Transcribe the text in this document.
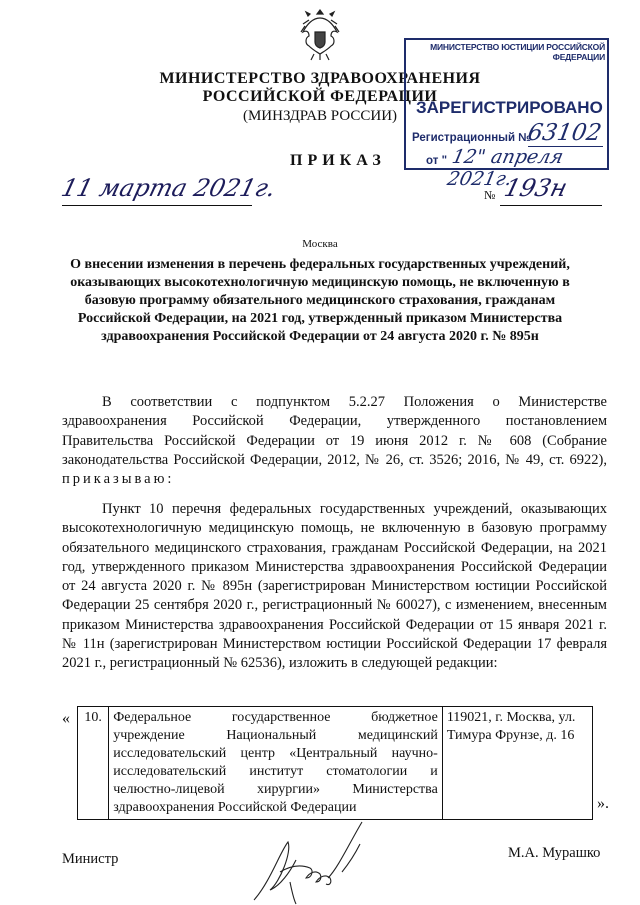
МИНИСТЕРСТВО ЗДРАВООХРАНЕНИЯ
РОССИЙСКОЙ ФЕДЕРАЦИИ
(МИНЗДРАВ РОССИИ)
МИНИСТЕРСТВО ЮСТИЦИИ РОССИЙСКОЙ ФЕДЕРАЦИИ
ЗАРЕГИСТРИРОВАНО
Регистрационный №
63102
от " 12" апреля 2021г.
ПРИКАЗ
11 марта 2021г.	№ 193н
Москва
О внесении изменения в перечень федеральных государственных учреждений, оказывающих высокотехнологичную медицинскую помощь, не включенную в базовую программу обязательного медицинского страхования, гражданам Российской Федерации, на 2021 год, утвержденный приказом Министерства здравоохранения Российской Федерации от 24 августа 2020 г. № 895н
В соответствии с подпунктом 5.2.27 Положения о Министерстве здравоохранения Российской Федерации, утвержденного постановлением Правительства Российской Федерации от 19 июня 2012 г. № 608 (Собрание законодательства Российской Федерации, 2012, № 26, ст. 3526; 2016, № 49, ст. 6922), приказываю:
Пункт 10 перечня федеральных государственных учреждений, оказывающих высокотехнологичную медицинскую помощь, не включенную в базовую программу обязательного медицинского страхования, гражданам Российской Федерации, на 2021 год, утвержденного приказом Министерства здравоохранения Российской Федерации от 24 августа 2020 г. № 895н (зарегистрирован Министерством юстиции Российской Федерации 25 сентября 2020 г., регистрационный № 60027), с изменением, внесенным приказом Министерства здравоохранения Российской Федерации от 15 января 2021 г. № 11н (зарегистрирован Министерством юстиции Российской Федерации 17 февраля 2021 г., регистрационный № 62536), изложить в следующей редакции:
« 10.	Федеральное государственное бюджетное учреждение Национальный медицинский исследовательский центр «Центральный научно-исследовательский институт стоматологии и челюстно-лицевой хирургии» Министерства здравоохранения Российской Федерации	119021, г. Москва, ул. Тимура Фрунзе, д. 16
».
Министр	М.А. Мурашко
